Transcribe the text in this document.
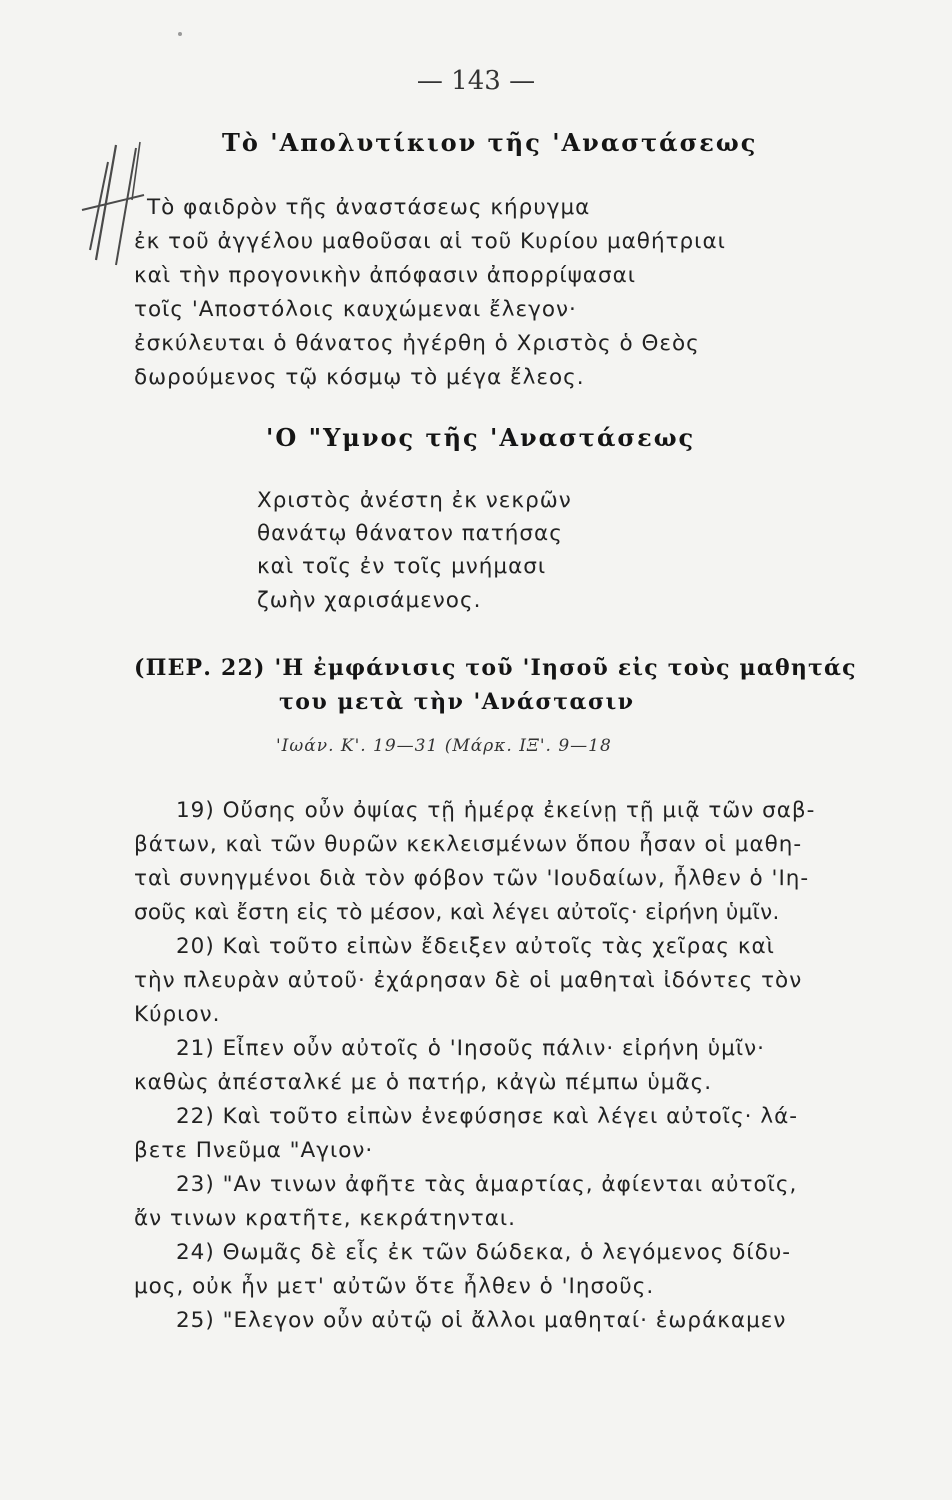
— 143 —
Τὸ 'Απολυτίκιον τῆς 'Αναστάσεως
Τὸ φαιδρὸν τῆς ἀναστάσεως κήρυγμα
ἐκ τοῦ ἀγγέλου μαθοῦσαι αἱ τοῦ Κυρίου μαθήτριαι
καὶ τὴν προγονικὴν ἀπόφασιν ἀπορρίψασαι
τοῖς 'Αποστόλοις καυχώμεναι ἔλεγον·
ἐσκύλευται ὁ θάνατος ἠγέρθη ὁ Χριστὸς ὁ Θεὸς
δωρούμενος τῷ κόσμῳ τὸ μέγα ἔλεος.
'Ο "Υμνος τῆς 'Αναστάσεως
Χριστὸς ἀνέστη ἐκ νεκρῶν
θανάτῳ θάνατον πατήσας
καὶ τοῖς ἐν τοῖς μνήμασι
ζωὴν χαρισάμενος.
(ΠΕΡ. 22) 'Η ἐμφάνισις τοῦ 'Ιησοῦ εἰς τοὺς μαθητάς
του μετὰ τὴν 'Ανάστασιν
'Ιωάν. Κ'. 19—31 (Μάρκ. ΙΞ'. 9—18
19) Οὔσης οὖν ὀψίας τῇ ἡμέρᾳ ἐκείνῃ τῇ μιᾷ τῶν σαβ-
βάτων, καὶ τῶν θυρῶν κεκλεισμένων ὅπου ἦσαν οἱ μαθη-
ταὶ συνηγμένοι διὰ τὸν φόβον τῶν 'Ιουδαίων, ἦλθεν ὁ 'Ιη-
σοῦς καὶ ἔστη εἰς τὸ μέσον, καὶ λέγει αὐτοῖς· εἰρήνη ὑμῖν.
20) Καὶ τοῦτο εἰπὼν ἔδειξεν αὐτοῖς τὰς χεῖρας καὶ
τὴν πλευρὰν αὐτοῦ· ἐχάρησαν δὲ οἱ μαθηταὶ ἰδόντες τὸν
Κύριον.
21) Εἶπεν οὖν αὐτοῖς ὁ 'Ιησοῦς πάλιν· εἰρήνη ὑμῖν·
καθὼς ἀπέσταλκέ με ὁ πατήρ, κἀγὼ πέμπω ὑμᾶς.
22) Καὶ τοῦτο εἰπὼν ἐνεφύσησε καὶ λέγει αὐτοῖς· λά-
βετε Πνεῦμα "Αγιον·
23) "Αν τινων ἀφῆτε τὰς ἁμαρτίας, ἀφίενται αὐτοῖς,
ἄν τινων κρατῆτε, κεκράτηνται.
24) Θωμᾶς δὲ εἷς ἐκ τῶν δώδεκα, ὁ λεγόμενος δίδυ-
μος, οὐκ ἦν μετ' αὐτῶν ὅτε ἦλθεν ὁ 'Ιησοῦς.
25) "Ελεγον οὖν αὐτῷ οἱ ἄλλοι μαθηταί· ἑωράκαμεν
